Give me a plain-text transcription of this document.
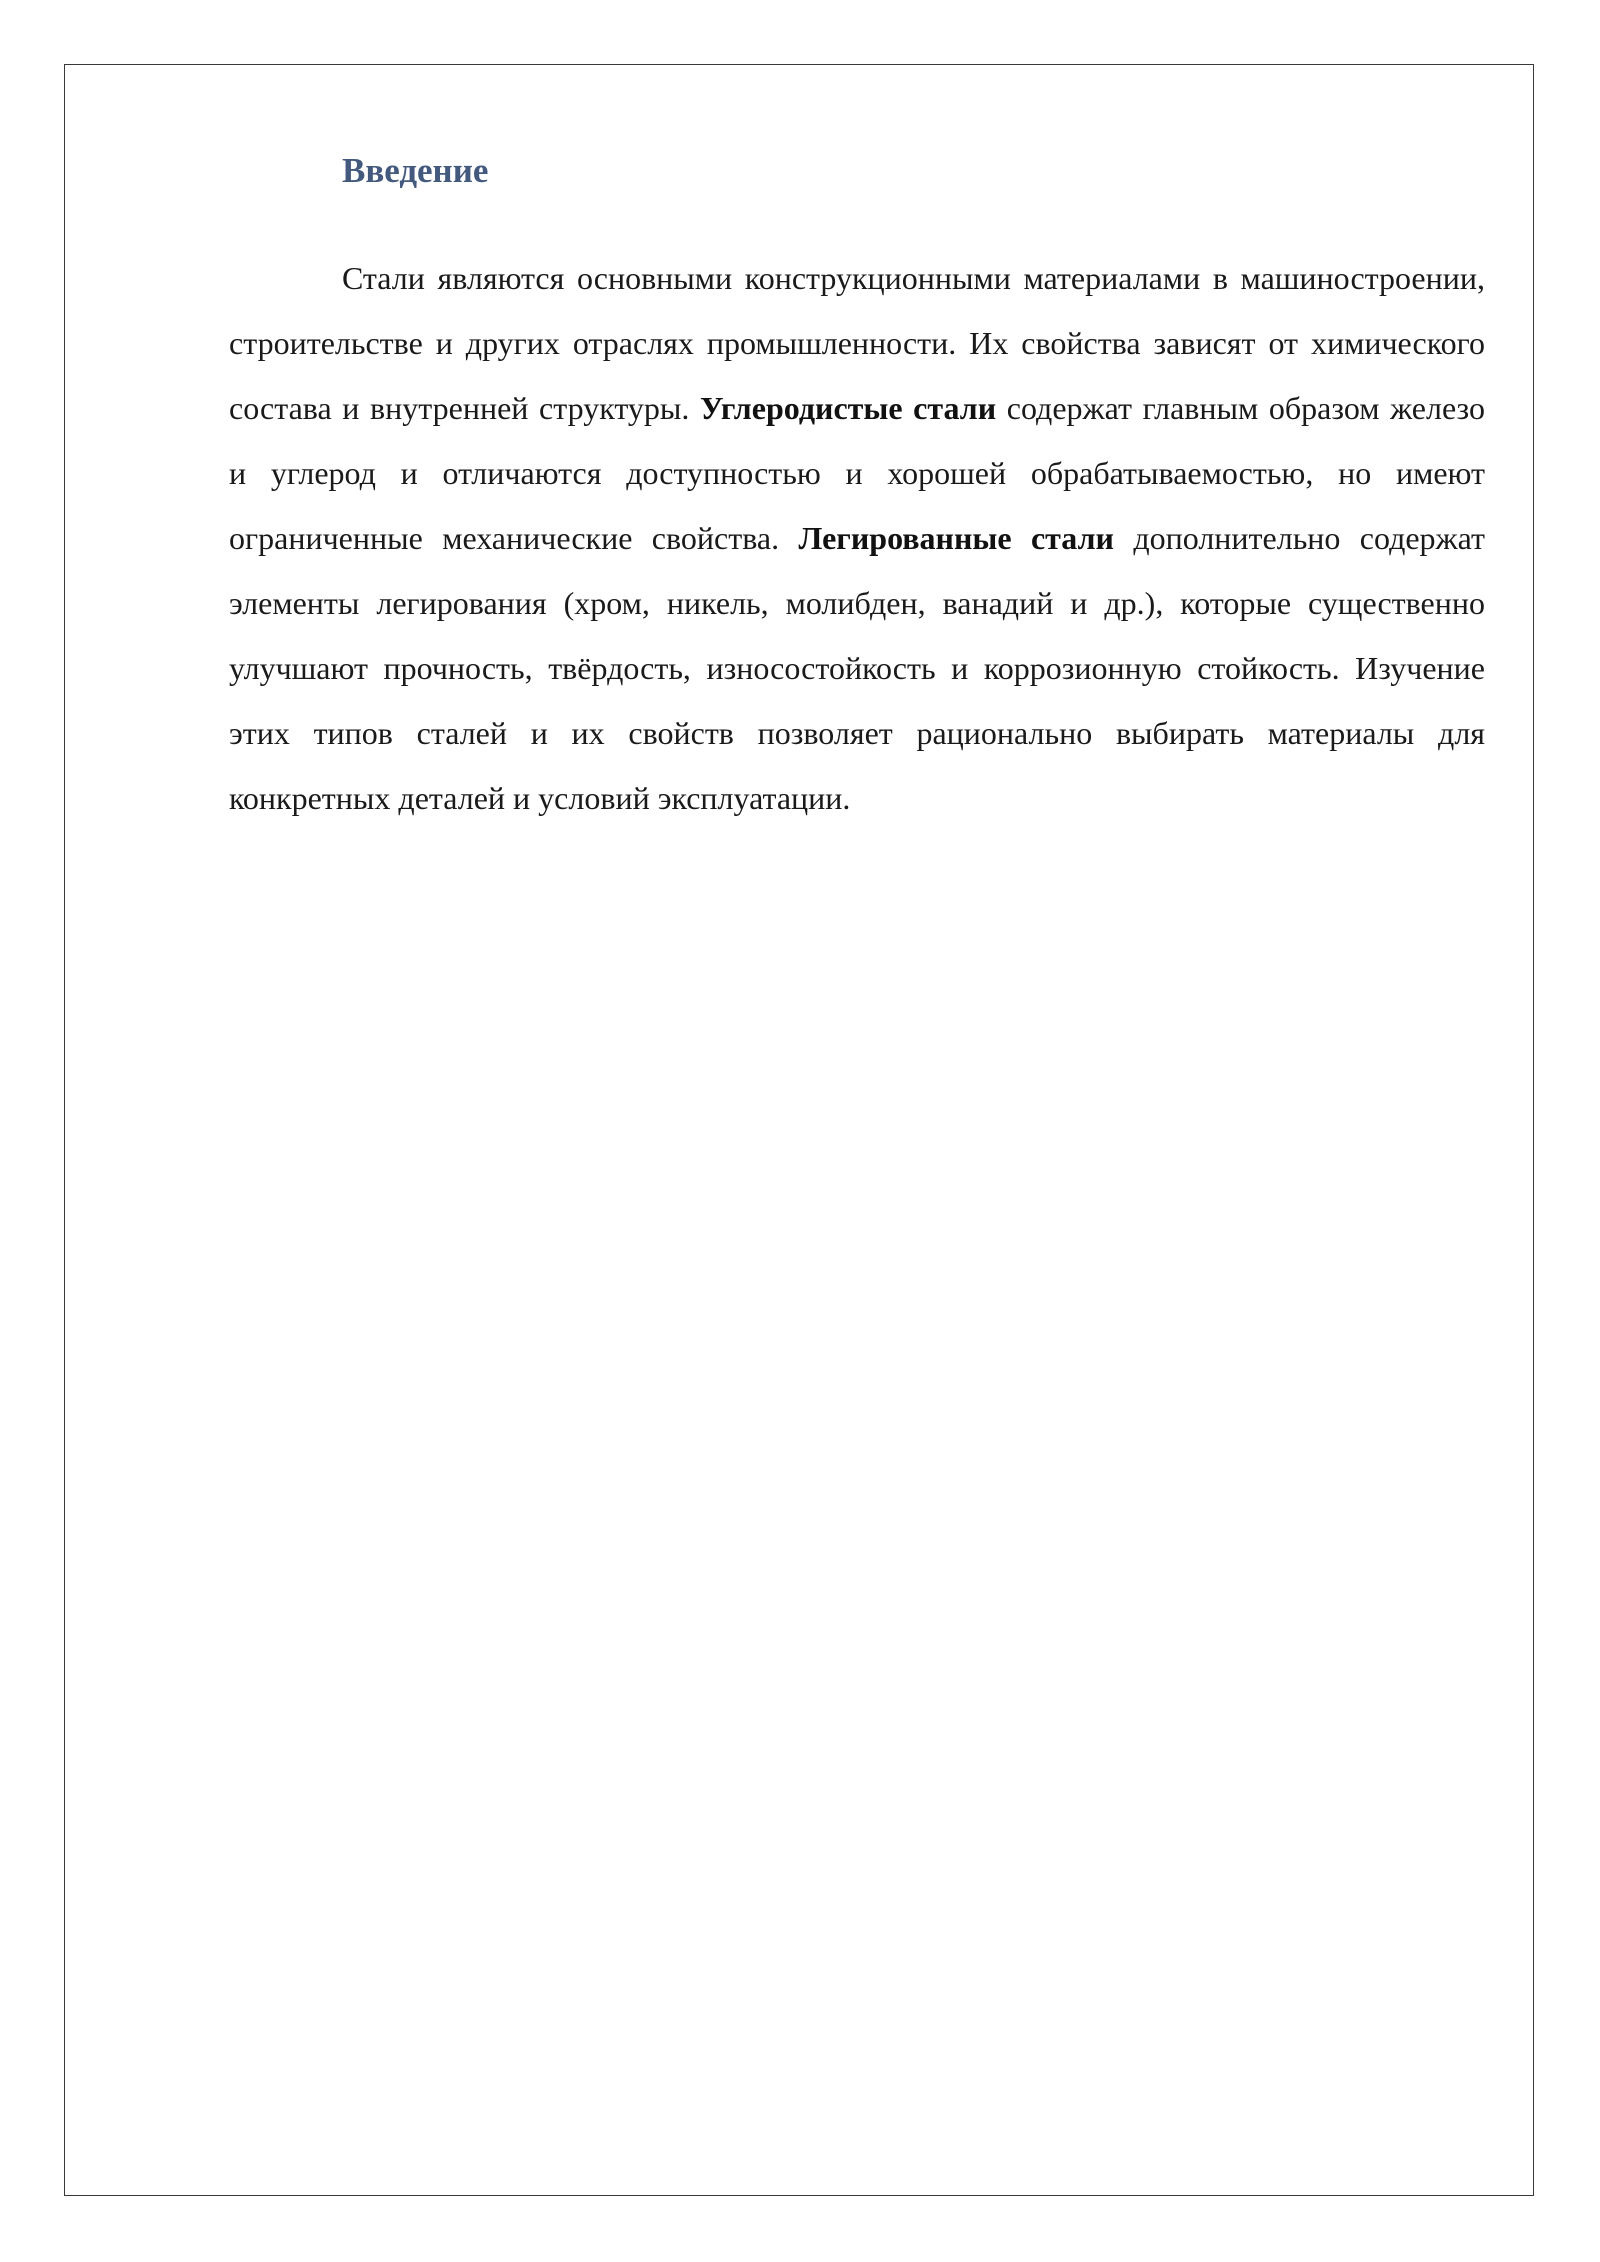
Введение

Стали являются основными конструкционными материалами в машиностроении, строительстве и других отраслях промышленности. Их свойства зависят от химического состава и внутренней структуры. Углеродистые стали содержат главным образом железо и углерод и отличаются доступностью и хорошей обрабатываемостью, но имеют ограниченные механические свойства. Легированные стали дополнительно содержат элементы легирования (хром, никель, молибден, ванадий и др.), которые существенно улучшают прочность, твёрдость, износостойкость и коррозионную стойкость. Изучение этих типов сталей и их свойств позволяет рационально выбирать материалы для конкретных деталей и условий эксплуатации.
